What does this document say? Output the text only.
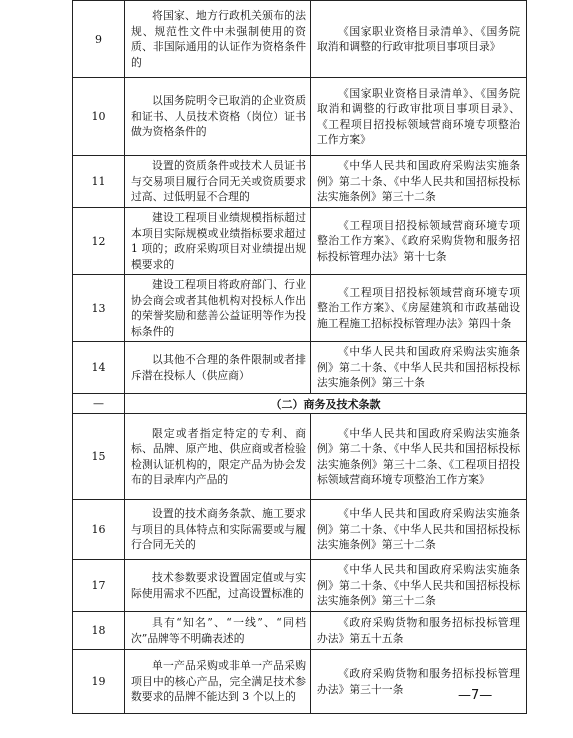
9	将国家、地方行政机关颁布的法规、规范性文件中未强制使用的资质、非国际通用的认证作为资格条件的	《国家职业资格目录清单》、《国务院取消和调整的行政审批项目事项目录》

10	以国务院明令已取消的企业资质和证书、人员技术资格（岗位）证书做为资格条件的	《国家职业资格目录清单》、《国务院取消和调整的行政审批项目事项目录》、《工程项目招投标领域营商环境专项整治工作方案》

11	设置的资质条件或技术人员证书与交易项目履行合同无关或资质要求过高、过低明显不合理的	《中华人民共和国政府采购法实施条例》第二十条、《中华人民共和国招标投标法实施条例》第三十二条

12	建设工程项目业绩规模指标超过本项目实际规模或业绩指标要求超过 1 项的；政府采购项目对业绩提出规模要求的	《工程项目招投标领域营商环境专项整治工作方案》、《政府采购货物和服务招标投标管理办法》第十七条

13	建设工程项目将政府部门、行业协会商会或者其他机构对投标人作出的荣誉奖励和慈善公益证明等作为投标条件的	《工程项目招投标领域营商环境专项整治工作方案》、《房屋建筑和市政基础设施工程施工招标投标管理办法》第四十条

14	以其他不合理的条件限制或者排斥潜在投标人（供应商）	《中华人民共和国政府采购法实施条例》第二十条、《中华人民共和国招标投标法实施条例》第三十条

—	（二）商务及技术条款	
15	限定或者指定特定的专利、商标、品牌、原产地、供应商或者检验检测认证机构的，限定产品为协会发布的目录库内产品的	《中华人民共和国政府采购法实施条例》第二十条、《中华人民共和国招标投标法实施条例》第三十二条、《工程项目招投标领域营商环境专项整治工作方案》

16	设置的技术商务条款、施工要求与项目的具体特点和实际需要或与履行合同无关的	《中华人民共和国政府采购法实施条例》第二十条、《中华人民共和国招标投标法实施条例》第三十二条

17	技术参数要求设置固定值或与实际使用需求不匹配，过高设置标准的	《中华人民共和国政府采购法实施条例》第二十条、《中华人民共和国招标投标法实施条例》第三十二条

18	具有“知名”、“一线”、“同档次”品牌等不明确表述的	《政府采购货物和服务招标投标管理办法》第五十五条

19	单一产品采购或非单一产品采购项目中的核心产品，完全满足技术参数要求的品牌不能达到 3 个以上的	《政府采购货物和服务招标投标管理办法》第三十一条	—7—
